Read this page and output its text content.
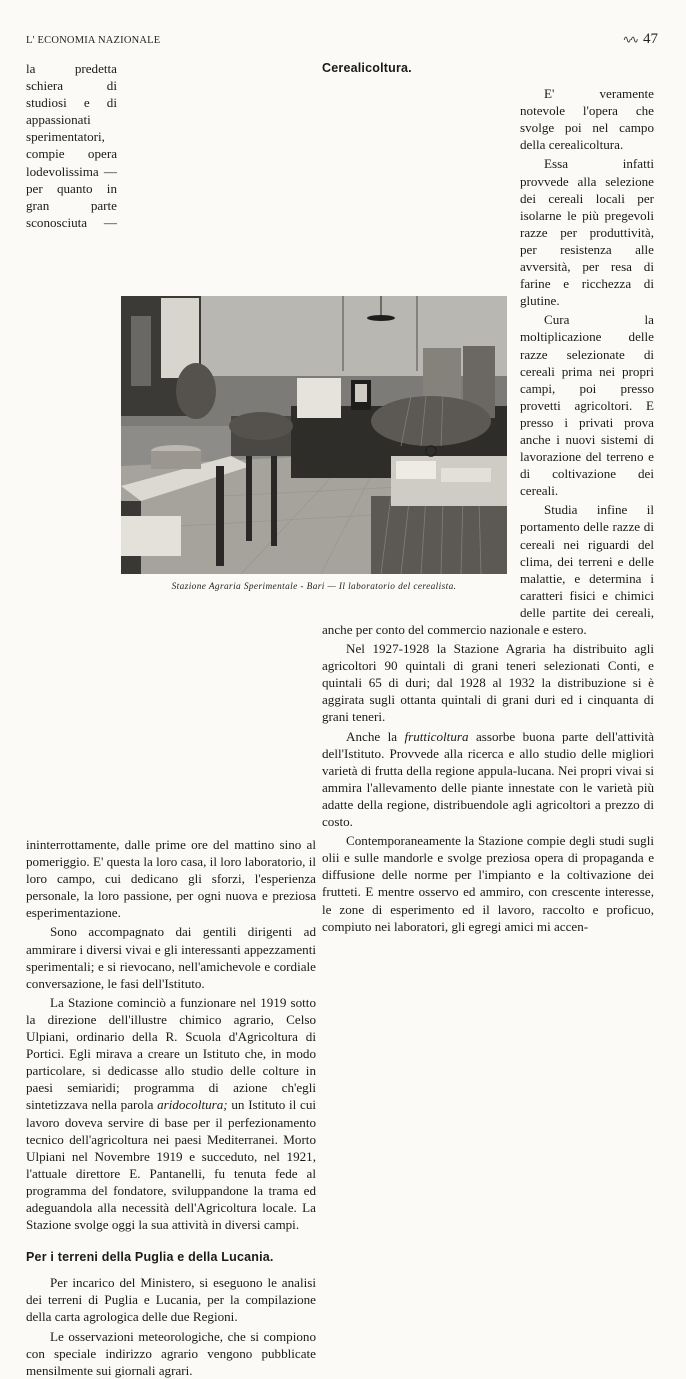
L' ECONOMIA NAZIONALE	∿∿ 47

la predetta schiera di studiosi e di appassionati sperimentatori, compie opera lodevolissima — per quanto in gran parte sconosciuta — ininterrottamente, dalle prime ore del mattino sino al pomeriggio. E' questa la loro casa, il loro laboratorio, il loro campo, cui dedicano gli sforzi, l'esperienza personale, la loro passione, per ogni nuova e preziosa esperimentazione.

Sono accompagnato dai gentili dirigenti ad ammirare i diversi vivai e gli interessanti appezzamenti sperimentali; e si rievocano, nell'amichevole e cordiale conversazione, le fasi dell'Istituto.

La Stazione cominciò a funzionare nel 1919 sotto la direzione dell'illustre chimico agrario, Celso Ulpiani, ordinario della R. Scuola d'Agricoltura di Portici. Egli mirava a creare un Istituto che, in modo particolare, si dedicasse allo studio delle colture in paesi semiaridi; programma di azione ch'egli sintetizzava nella parola aridocoltura; un Istituto il cui lavoro doveva servire di base per il perfezionamento tecnico dell'agricoltura nei paesi Mediterranei. Morto Ulpiani nel Novembre 1919 e succeduto, nel 1921, l'attuale direttore E. Pantanelli, fu tenuta fede al programma del fondatore, sviluppandone la trama ed adeguandola alla necessità dell'Agricoltura locale. La Stazione svolge oggi la sua attività in diversi campi.

Per i terreni della Puglia e della Lucania.

Per incarico del Ministero, si eseguono le analisi dei terreni di Puglia e Lucania, per la compilazione della carta agrologica delle due Regioni.

Le osservazioni meteorologiche, che si compiono con speciale indirizzo agrario vengono pubblicate mensilmente sui giornali agrari.

Cerealicoltura.

E' veramente notevole l'opera che svolge poi nel campo della cerealicoltura.

Essa infatti provvede alla selezione dei cereali locali per isolarne le più pregevoli razze per produttività, per resistenza alle avversità, per resa di farine e ricchezza di glutine.

Cura la moltiplicazione delle razze selezionate di cereali prima nei propri campi, poi presso provetti agricoltori. E presso i privati prova anche i nuovi sistemi di lavorazione del terreno e di coltivazione dei cereali.

Studia infine il portamento delle razze di cereali nei riguardi del clima, dei terreni e delle malattie, e determina i caratteri fisici e chimici delle partite dei cereali, anche per conto del commercio nazionale e estero.

Nel 1927-1928 la Stazione Agraria ha distribuito agli agricoltori 90 quintali di grani teneri selezionati Conti, e quintali 65 di duri; dal 1928 al 1932 la distribuzione si è aggirata sugli ottanta quintali di grani duri ed i cinquanta di grani teneri.

Anche la frutticoltura assorbe buona parte dell'attività dell'Istituto. Provvede alla ricerca e allo studio delle migliori varietà di frutta della regione appula-lucana. Nei propri vivai si ammira l'allevamento delle piante innestate con le varietà più adatte della regione, distribuendole agli agricoltori a prezzo di costo.

Contemporaneamente la Stazione compie degli studi sugli olii e sulle mandorle e svolge preziosa opera di propaganda e diffusione delle norme per l'impianto e la coltivazione dei frutteti. E mentre osservo ed ammiro, con crescente interesse, le zone di esperimento ed il lavoro, raccolto e proficuo, compiuto nei laboratori, gli egregi amici mi accen-

Stazione Agraria Sperimentale - Bari — Il laboratorio del cerealista.
